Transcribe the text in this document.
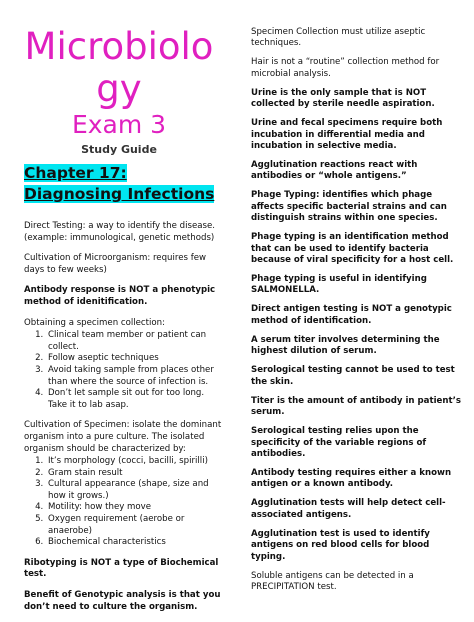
Microbiolo
gy
Exam 3
Study Guide
Chapter 17:
Diagnosing Infections

Direct Testing: a way to identify the disease. (example: immunological, genetic methods)

Cultivation of Microorganism: requires few days to few weeks)

Antibody response is NOT a phenotypic method of idenitification.

Obtaining a specimen collection:

1. Clinical team member or patient can collect.
2. Follow aseptic techniques
3. Avoid taking sample from places other than where the source of infection is.
4. Don’t let sample sit out for too long. Take it to lab asap.

Cultivation of Specimen: isolate the dominant organism into a pure culture. The isolated organism should be characterized by:

1. It’s morphology (cocci, bacilli, spirilli)
2. Gram stain result
3. Cultural appearance (shape, size and how it grows.)
4. Motility: how they move
5. Oxygen requirement (aerobe or anaerobe)
6. Biochemical characteristics

Ribotyping is NOT a type of Biochemical test.

Benefit of Genotypic analysis is that you don’t need to culture the organism.

Specimen Collection must utilize aseptic techniques.

Hair is not a “routine” collection method for microbial analysis.

Urine is the only sample that is NOT collected by sterile needle aspiration.

Urine and fecal specimens require both incubation in differential media and incubation in selective media.

Agglutination reactions react with antibodies or “whole antigens.”

Phage Typing: identifies which phage affects specific bacterial strains and can distinguish strains within one species.

Phage typing is an identification method that can be used to identify bacteria because of viral specificity for a host cell.

Phage typing is useful in identifying SALMONELLA.

Direct antigen testing is NOT a genotypic method of identification.

A serum titer involves determining the highest dilution of serum.

Serological testing cannot be used to test the skin.

Titer is the amount of antibody in patient’s serum.

Serological testing relies upon the specificity of the variable regions of antibodies.

Antibody testing requires either a known antigen or a known antibody.

Agglutination tests will help detect cell-associated antigens.

Agglutination test is used to identify antigens on red blood cells for blood typing.

Soluble antigens can be detected in a PRECIPITATION test.
